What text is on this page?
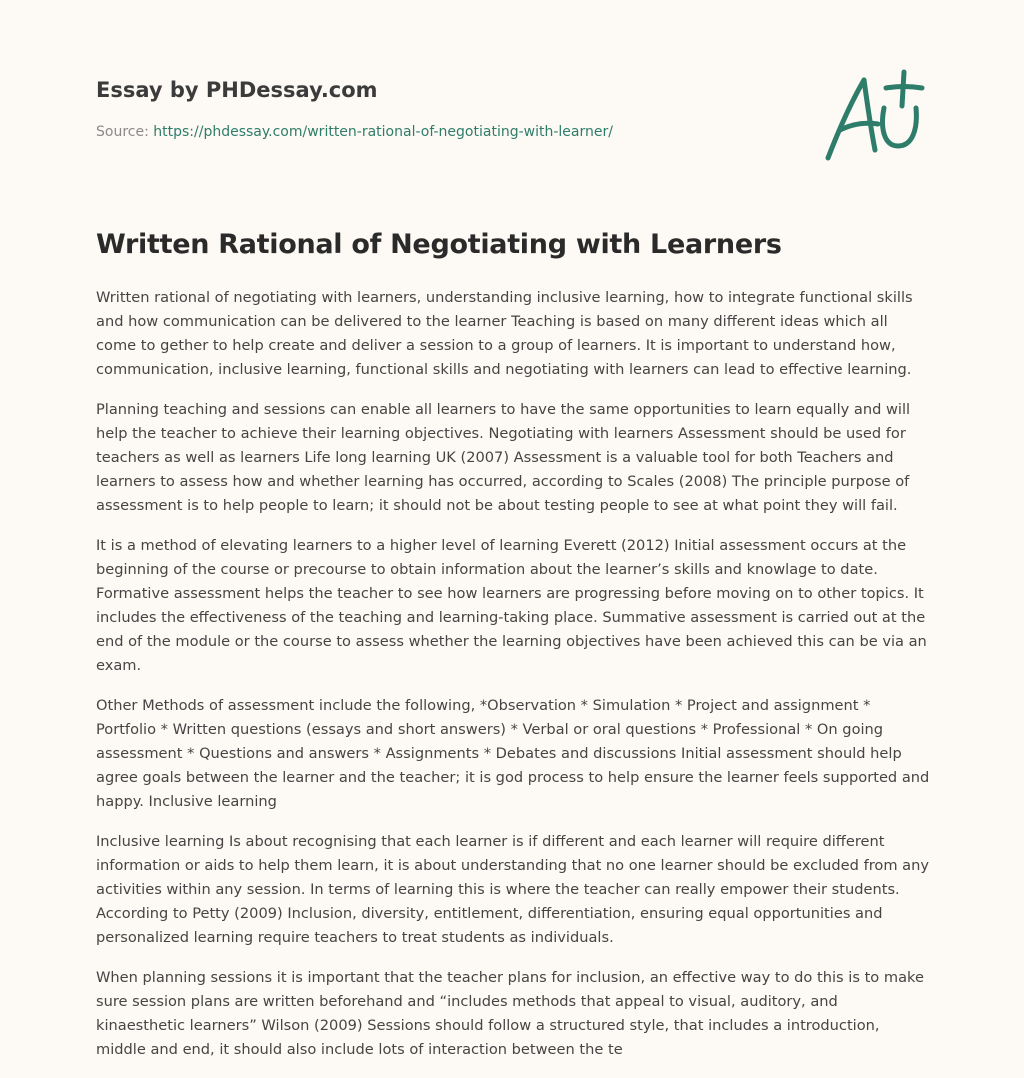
Essay by PHDessay.com
Source: https://phdessay.com/written-rational-of-negotiating-with-learner/
Written Rational of Negotiating with Learners

Written rational of negotiating with learners, understanding inclusive learning, how to integrate functional skills and how communication can be delivered to the learner Teaching is based on many different ideas which all come to gether to help create and deliver a session to a group of learners. It is important to understand how, communication, inclusive learning, functional skills and negotiating with learners can lead to effective learning.

Planning teaching and sessions can enable all learners to have the same opportunities to learn equally and will help the teacher to achieve their learning objectives. Negotiating with learners Assessment should be used for teachers as well as learners Life long learning UK (2007) Assessment is a valuable tool for both Teachers and learners to assess how and whether learning has occurred, according to Scales (2008) The principle purpose of assessment is to help people to learn; it should not be about testing people to see at what point they will fail.

It is a method of elevating learners to a higher level of learning Everett (2012) Initial assessment occurs at the beginning of the course or precourse to obtain information about the learner’s skills and knowlage to date. Formative assessment helps the teacher to see how learners are progressing before moving on to other topics. It includes the effectiveness of the teaching and learning-taking place. Summative assessment is carried out at the end of the module or the course to assess whether the learning objectives have been achieved this can be via an exam.

Other Methods of assessment include the following, *Observation * Simulation * Project and assignment * Portfolio * Written questions (essays and short answers) * Verbal or oral questions * Professional * On going assessment * Questions and answers * Assignments * Debates and discussions Initial assessment should help agree goals between the learner and the teacher; it is god process to help ensure the learner feels supported and happy. Inclusive learning

Inclusive learning Is about recognising that each learner is if different and each learner will require different information or aids to help them learn, it is about understanding that no one learner should be excluded from any activities within any session. In terms of learning this is where the teacher can really empower their students. According to Petty (2009) Inclusion, diversity, entitlement, differentiation, ensuring equal opportunities and personalized learning require teachers to treat students as individuals.

When planning sessions it is important that the teacher plans for inclusion, an effective way to do this is to make sure session plans are written beforehand and “includes methods that appeal to visual, auditory, and kinaesthetic learners” Wilson (2009) Sessions should follow a structured style, that includes a introduction, middle and end, it should also include lots of interaction between the te
